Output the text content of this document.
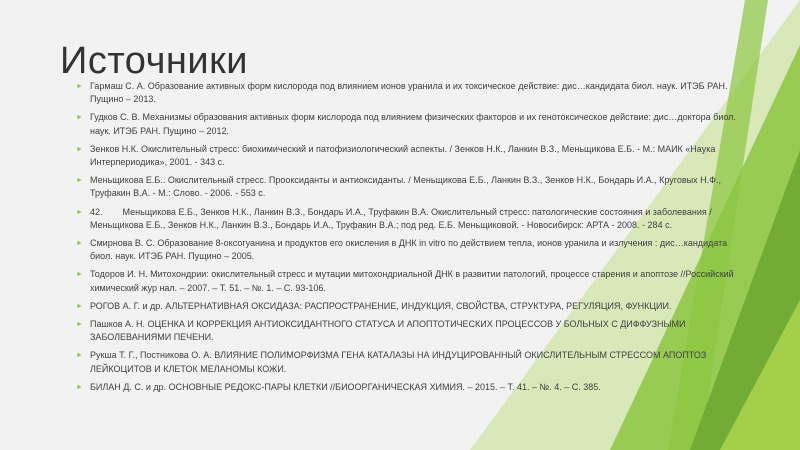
Источники
► Гармаш С. А. Образование активных форм кислорода под влиянием ионов уранила и их токсическое действие: дис…кандидата биол. наук. ИТЭБ РАН. Пущино – 2013.
► Гудков С. В. Механизмы образования активных форм кислорода под влиянием физических факторов и их генотоксическое действие: дис…доктора биол. наук. ИТЭБ РАН. Пущино – 2012.
► Зенков Н.К. Окислительный стресс: биохимический и патофизиологический аспекты. / Зенков Н.К., Ланкин В.З., Меньщикова Е.Б. - М.: МАИК «Наука Интерпериодика», 2001. - 343 с.
► Меньщикова Е.Б.. Окислительный стресс. Прооксиданты и антиоксиданты. / Меньщикова Е.Б., Ланкин В.З., Зенков Н.К., Бондарь И.А., Круговых Н.Ф., Труфакин В.А. - М.: Слово. - 2006. - 553 с.
► 42.        Меньщикова Е.Б., Зенков Н.К., Ланкин В.З., Бондарь И.А., Труфакин В.А. Окислительный стресс: патологические состояния и заболевания / Меньщикова Е.Б., Зенков Н.К., Ланкин В.З., Бондарь И.А., Труфакин В.А.; под ред. Е.Б. Меньщиковой. - Новосибирск: АРТА - 2008. - 284 с.
► Смирнова В. С. Образование 8-оксогуанина и продуктов его окисления в ДНК in vitro по действием тепла, ионов уранила и излучения : дис…кандидата биол. наук. ИТЭБ РАН. Пущино – 2005.
► Тодоров И. Н. Митохондрии: окислительный стресс и мутации митохондриальной ДНК в развитии патологий, процессе старения и апоптозе //Российский химический жур нал. – 2007. – Т. 51. – №. 1. – С. 93-106.
► РОГОВ А. Г. и др. АЛЬТЕРНАТИВНАЯ ОКСИДАЗА: РАСПРОСТРАНЕНИЕ, ИНДУКЦИЯ, СВОЙСТВА, СТРУКТУРА, РЕГУЛЯЦИЯ, ФУНКЦИИ.
► Пашков А. Н. ОЦЕНКА И КОРРЕКЦИЯ АНТИОКСИДАНТНОГО СТАТУСА И АПОПТОТИЧЕСКИХ ПРОЦЕССОВ У БОЛЬНЫХ С ДИФФУЗНЫМИ ЗАБОЛЕВАНИЯМИ ПЕЧЕНИ.
► Рукша Т. Г., Постникова О. А. ВЛИЯНИЕ ПОЛИМОРФИЗМА ГЕНА КАТАЛАЗЫ НА ИНДУЦИРОВАННЫЙ ОКИСЛИТЕЛЬНЫМ СТРЕССОМ АПОПТОЗ ЛЕЙКОЦИТОВ И КЛЕТОК МЕЛАНОМЫ КОЖИ.
► БИЛАН Д. С. и др. ОСНОВНЫЕ РЕДОКС-ПАРЫ КЛЕТКИ //БИООРГАНИЧЕСКАЯ ХИМИЯ. – 2015. – Т. 41. – №. 4. – С. 385.
